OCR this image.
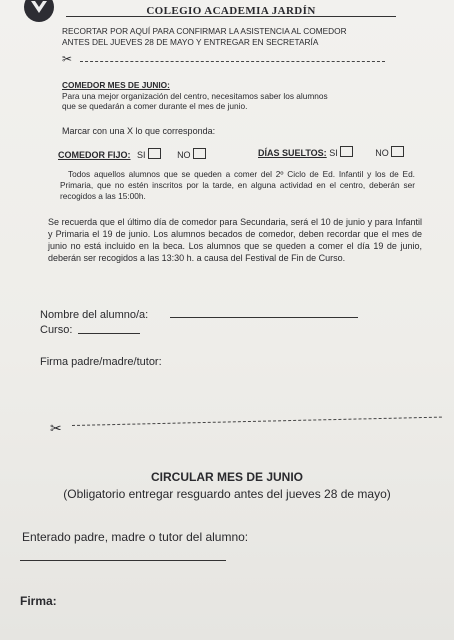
COLEGIO ACADEMIA JARDÍN
RECORTAR POR AQUÍ PARA CONFIRMAR LA ASISTENCIA AL COMEDOR
ANTES DEL JUEVES 28 DE MAYO Y ENTREGAR EN SECRETARÍA
✂
COMEDOR MES DE JUNIO:
Para una mejor organización del centro, necesitamos saber los alumnos
que se quedarán a comer durante el mes de junio.
Marcar con una X lo que corresponda:
COMEDOR FIJO: SI	NO	DÍAS SUELTOS: SI	NO
Todos aquellos alumnos que se queden a comer del 2º Ciclo de Ed. Infantil y los de Ed. Primaria, que no estén inscritos por la tarde, en alguna actividad en el centro, deberán ser recogidos a las 15:00h.
Se recuerda que el último día de comedor para Secundaria, será el 10 de junio y para Infantil y Primaria el 19 de junio. Los alumnos becados de comedor, deben recordar que el mes de junio no está incluido en la beca. Los alumnos que se queden a comer el día 19 de junio, deberán ser recogidos a las 13:30 h. a causa del Festival de Fin de Curso.
Nombre del alumno/a:
Curso:
Firma padre/madre/tutor:
✂
CIRCULAR MES DE JUNIO
(Obligatorio entregar resguardo antes del jueves 28 de mayo)
Enterado padre, madre o tutor del alumno:
Firma:
